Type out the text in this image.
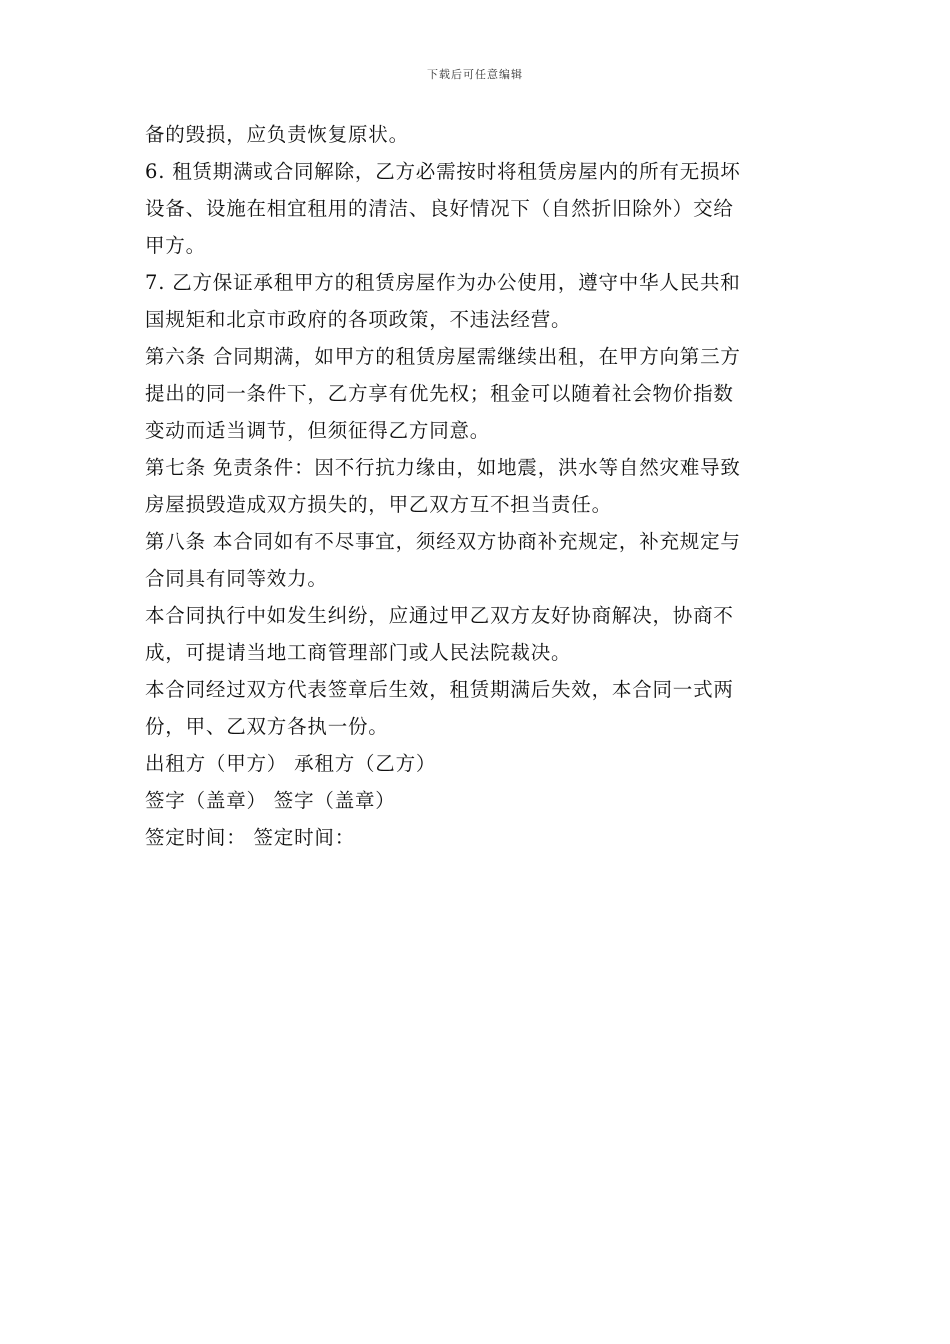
下载后可任意编辑
备的毁损，应负责恢复原状。
6. 租赁期满或合同解除，乙方必需按时将租赁房屋内的所有无损坏
设备、设施在相宜租用的清洁、良好情况下（自然折旧除外）交给
甲方。
7. 乙方保证承租甲方的租赁房屋作为办公使用，遵守中华人民共和
国规矩和北京市政府的各项政策，不违法经营。
第六条 合同期满，如甲方的租赁房屋需继续出租，在甲方向第三方
提出的同一条件下，乙方享有优先权；租金可以随着社会物价指数
变动而适当调节，但须征得乙方同意。
第七条 免责条件：因不行抗力缘由，如地震，洪水等自然灾难导致
房屋损毁造成双方损失的，甲乙双方互不担当责任。
第八条 本合同如有不尽事宜，须经双方协商补充规定，补充规定与
合同具有同等效力。
本合同执行中如发生纠纷，应通过甲乙双方友好协商解决，协商不
成，可提请当地工商管理部门或人民法院裁决。
本合同经过双方代表签章后生效，租赁期满后失效，本合同一式两
份，甲、乙双方各执一份。
出租方（甲方） 承租方（乙方）
签字（盖章） 签字（盖章）
签定时间： 签定时间：
